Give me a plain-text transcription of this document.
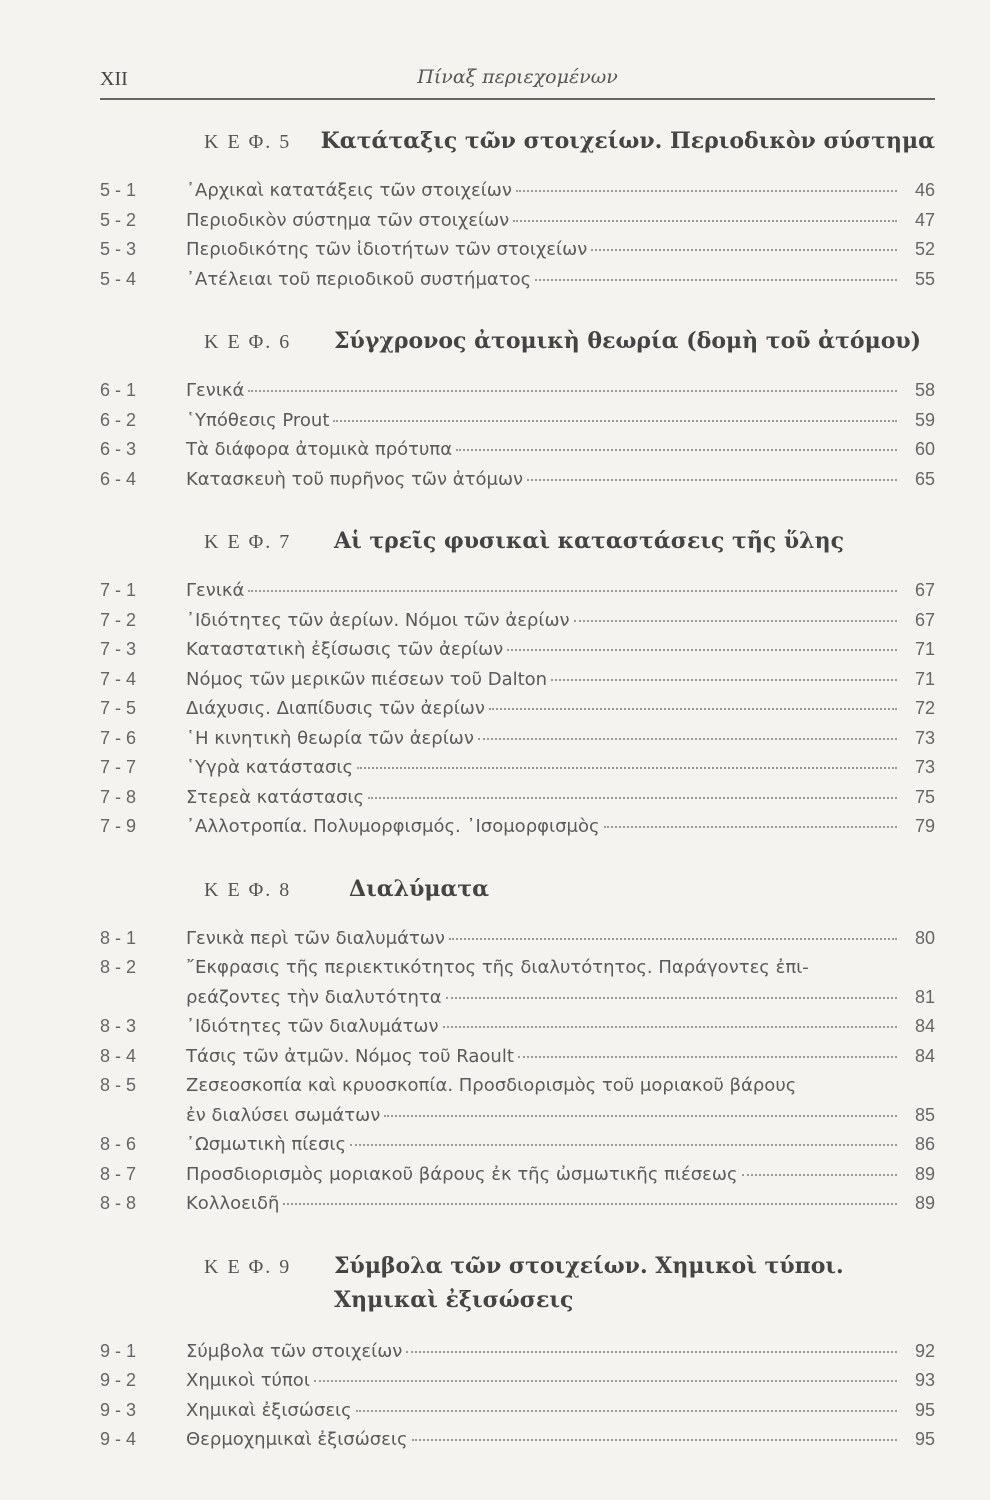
XII	Πίναξ περιεχομένων
Κ Ε Φ. 5	Κατάταξις τῶν στοιχείων. Περιοδικὸν σύστημα
5 - 1	᾿Αρχικαὶ κατατάξεις τῶν στοιχείων	46
5 - 2	Περιοδικὸν σύστημα τῶν στοιχείων	47
5 - 3	Περιοδικότης τῶν ἰδιοτήτων τῶν στοιχείων	52
5 - 4	᾿Ατέλειαι τοῦ περιοδικοῦ συστήματος	55
Κ Ε Φ. 6	Σύγχρονος ἀτομικὴ θεωρία (δομὴ τοῦ ἀτόμου)
6 - 1	Γενικά	58
6 - 2	῾Υπόθεσις Prout	59
6 - 3	Τὰ διάφορα ἀτομικὰ πρότυπα	60
6 - 4	Κατασκευὴ τοῦ πυρῆνος τῶν ἀτόμων	65
Κ Ε Φ. 7	Αἱ τρεῖς φυσικαὶ καταστάσεις τῆς ὕλης
7 - 1	Γενικά	67
7 - 2	᾿Ιδιότητες τῶν ἀερίων. Νόμοι τῶν ἀερίων	67
7 - 3	Καταστατικὴ ἐξίσωσις τῶν ἀερίων	71
7 - 4	Νόμος τῶν μερικῶν πιέσεων τοῦ Dalton	71
7 - 5	Διάχυσις. Διαπίδυσις τῶν ἀερίων	72
7 - 6	῾Η κινητικὴ θεωρία τῶν ἀερίων	73
7 - 7	῾Υγρὰ κατάστασις	73
7 - 8	Στερεὰ κατάστασις	75
7 - 9	᾿Αλλοτροπία. Πολυμορφισμός. ᾿Ισομορφισμὸς	79
Κ Ε Φ. 8	Διαλύματα
8 - 1	Γενικὰ περὶ τῶν διαλυμάτων	80
8 - 2	῎Εκφρασις τῆς περιεκτικότητος τῆς διαλυτότητος. Παράγοντες ἐπι-
ρεάζοντες τὴν διαλυτότητα	81
8 - 3	᾿Ιδιότητες τῶν διαλυμάτων	84
8 - 4	Τάσις τῶν ἀτμῶν. Νόμος τοῦ Raoult	84
8 - 5	Ζεσεοσκοπία καὶ κρυοσκοπία. Προσδιορισμὸς τοῦ μοριακοῦ βάρους
ἐν διαλύσει σωμάτων	85
8 - 6	᾿Ωσμωτικὴ πίεσις	86
8 - 7	Προσδιορισμὸς μοριακοῦ βάρους ἐκ τῆς ὠσμωτικῆς πιέσεως	89
8 - 8	Κολλοειδῆ	89
Κ Ε Φ. 9	Σύμβολα τῶν στοιχείων. Χημικοὶ τύποι.
Χημικαὶ ἐξισώσεις
9 - 1	Σύμβολα τῶν στοιχείων	92
9 - 2	Χημικοὶ τύποι	93
9 - 3	Χημικαὶ ἐξισώσεις	95
9 - 4	Θερμοχημικαὶ ἐξισώσεις	95
